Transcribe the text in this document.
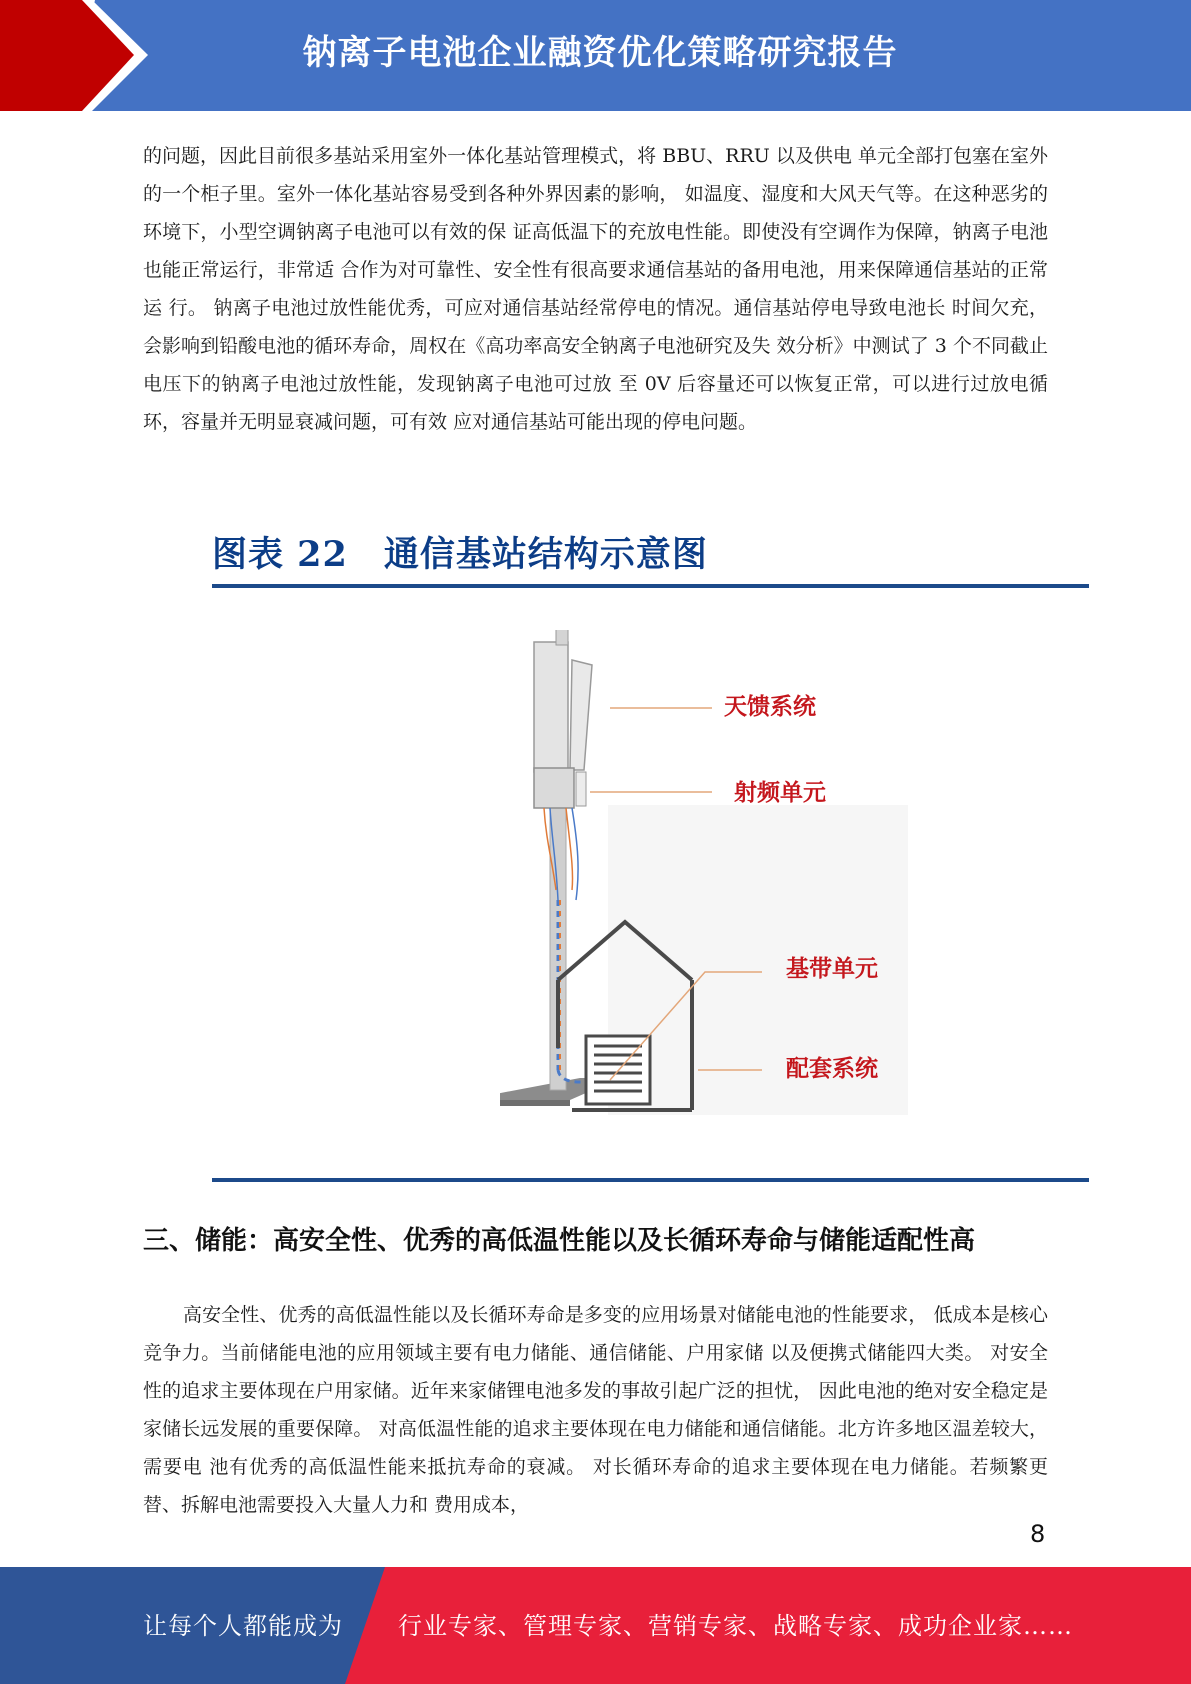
钠离子电池企业融资优化策略研究报告

的问题，因此目前很多基站采用室外一体化基站管理模式，将 BBU、RRU 以及供电 单元全部打包塞在室外的一个柜子里。室外一体化基站容易受到各种外界因素的影响， 如温度、湿度和大风天气等。在这种恶劣的环境下，小型空调钠离子电池可以有效的保 证高低温下的充放电性能。即使没有空调作为保障，钠离子电池也能正常运行，非常适 合作为对可靠性、安全性有很高要求通信基站的备用电池，用来保障通信基站的正常运 行。 钠离子电池过放性能优秀，可应对通信基站经常停电的情况。通信基站停电导致电池长 时间欠充，会影响到铅酸电池的循环寿命，周权在《高功率高安全钠离子电池研究及失 效分析》中测试了 3 个不同截止电压下的钠离子电池过放性能，发现钠离子电池可过放 至 0V 后容量还可以恢复正常，可以进行过放电循环，容量并无明显衰减问题，可有效 应对通信基站可能出现的停电问题。

图表 22 通信基站结构示意图
天馈系统
射频单元
基带单元
配套系统
三、储能：高安全性、优秀的高低温性能以及长循环寿命与储能适配性高

高安全性、优秀的高低温性能以及长循环寿命是多变的应用场景对储能电池的性能要求， 低成本是核心竞争力。当前储能电池的应用领域主要有电力储能、通信储能、户用家储 以及便携式储能四大类。 对安全性的追求主要体现在户用家储。近年来家储锂电池多发的事故引起广泛的担忧， 因此电池的绝对安全稳定是家储长远发展的重要保障。 对高低温性能的追求主要体现在电力储能和通信储能。北方许多地区温差较大，需要电 池有优秀的高低温性能来抵抗寿命的衰减。 对长循环寿命的追求主要体现在电力储能。若频繁更替、拆解电池需要投入大量人力和 费用成本，

8
让每个人都能成为 行业专家、管理专家、营销专家、战略专家、成功企业家……
